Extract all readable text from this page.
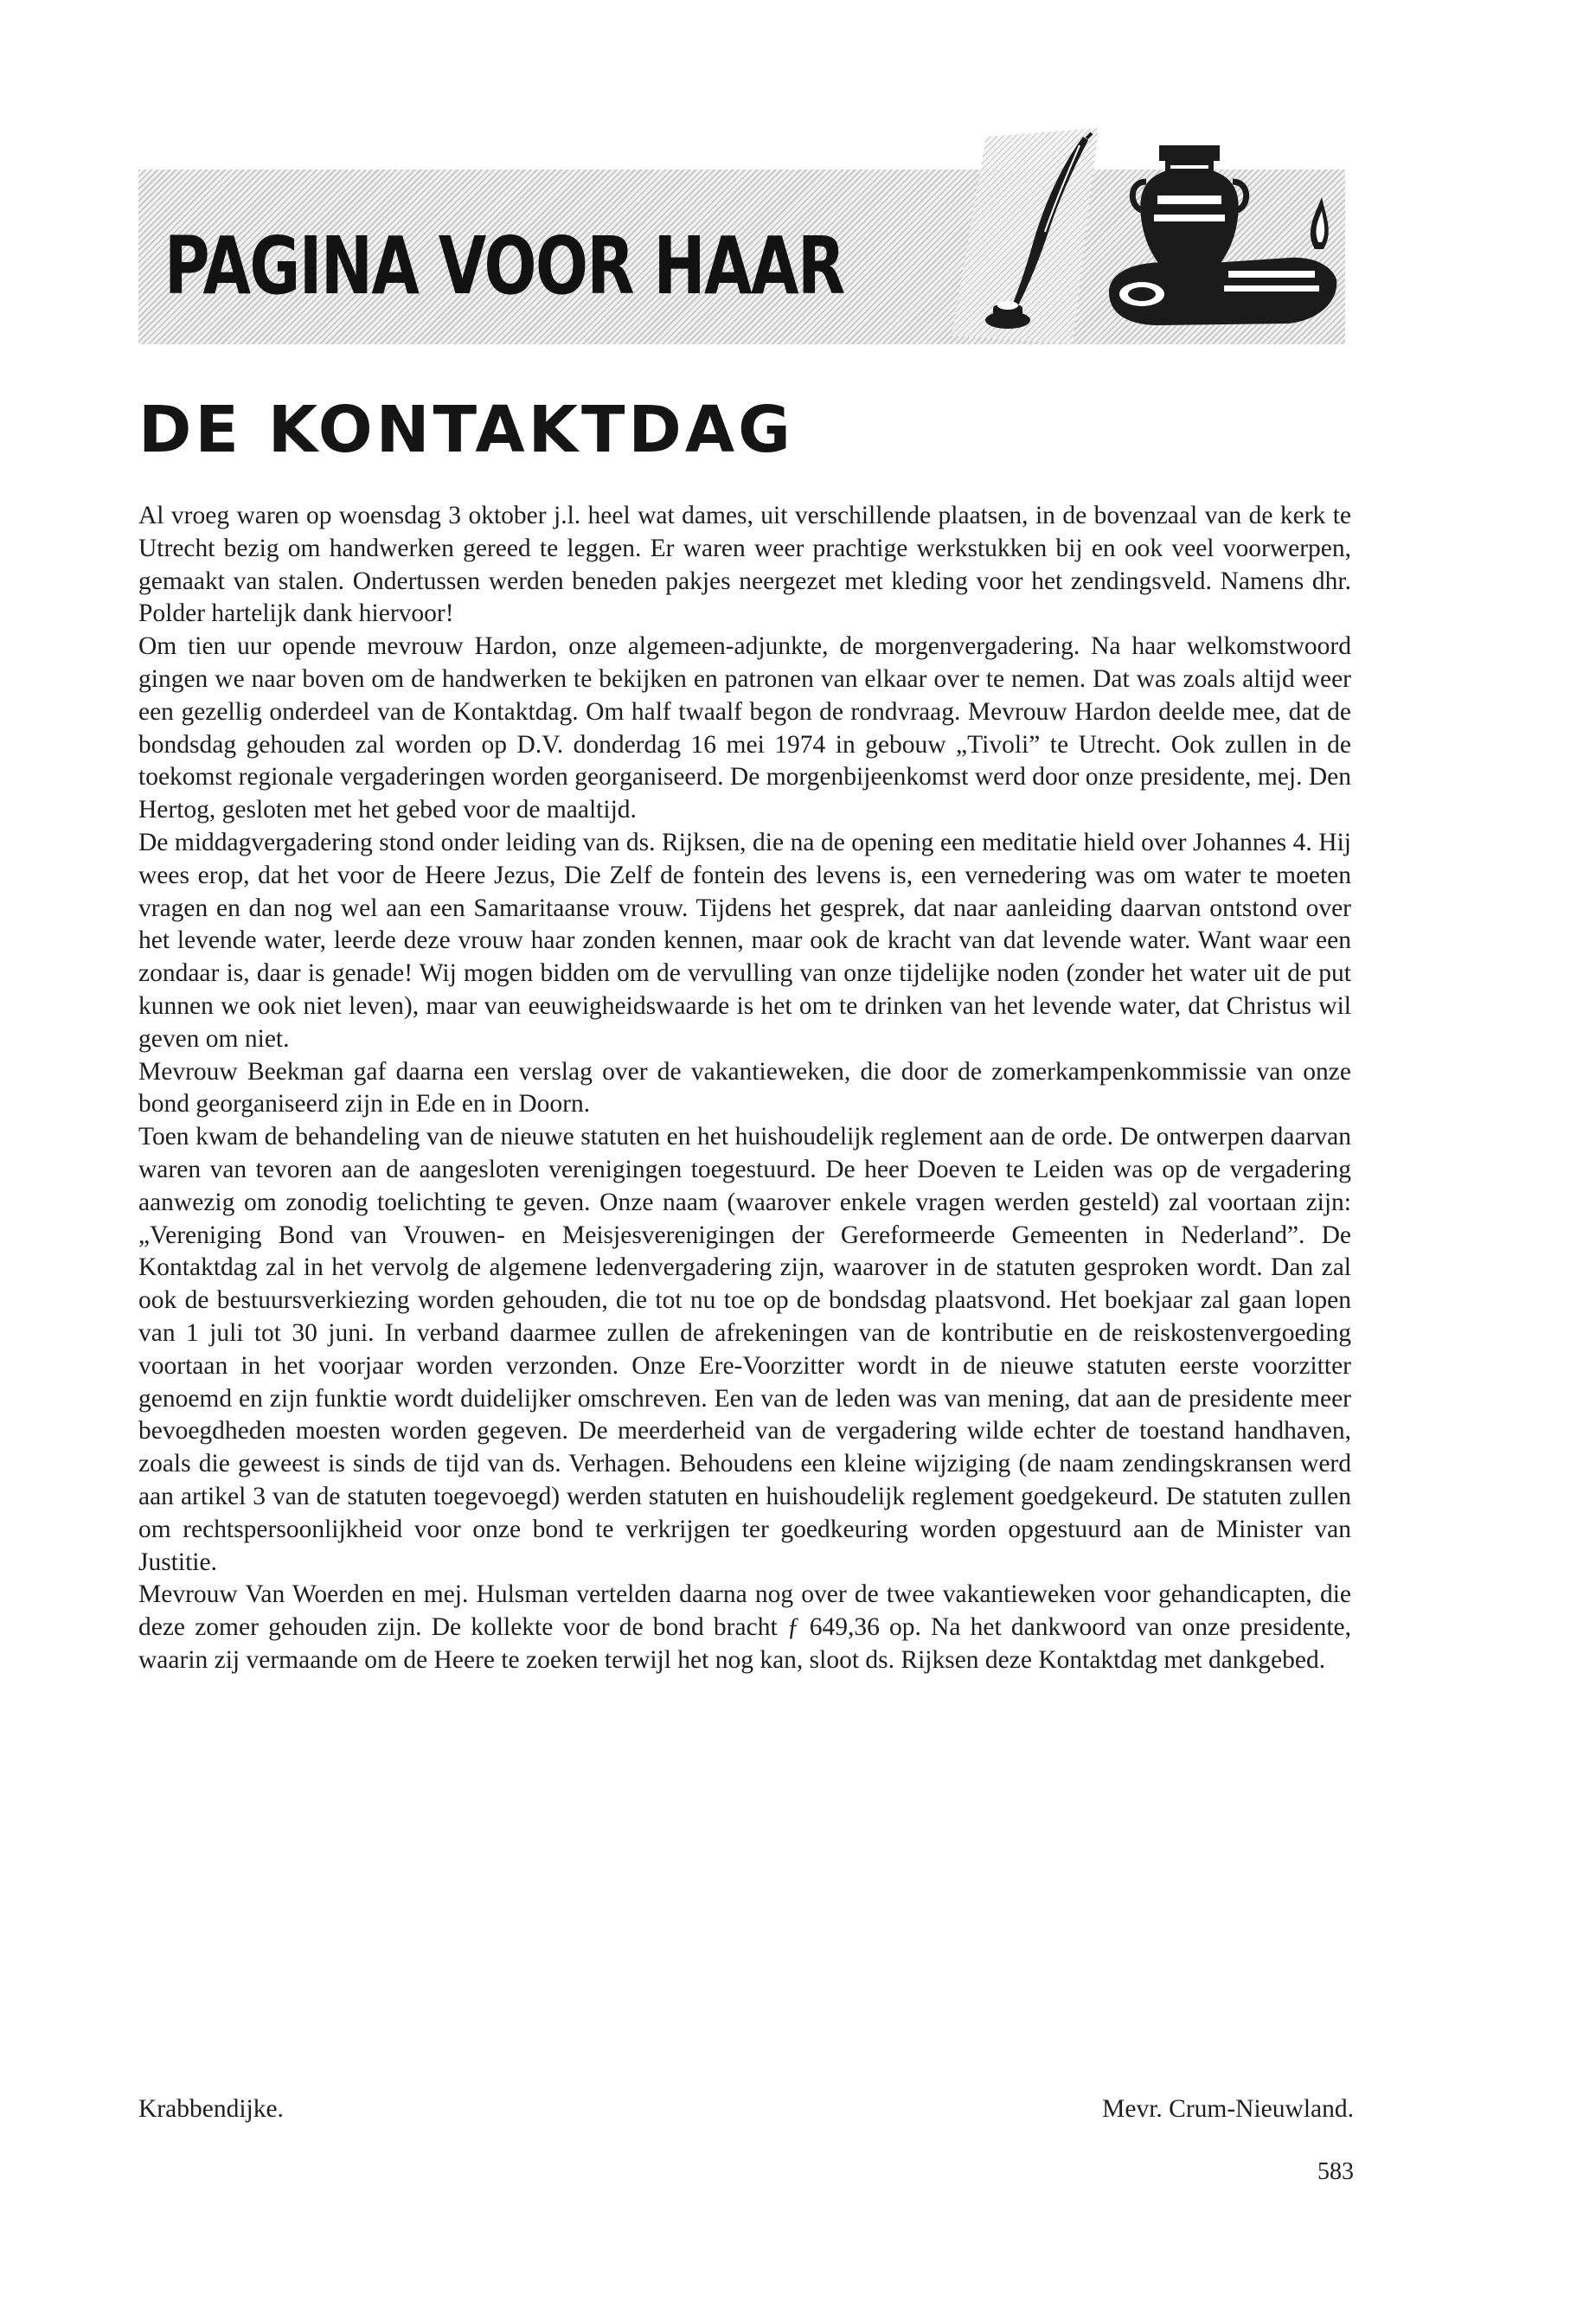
PAGINA VOOR HAAR
DE KONTAKTDAG

Al vroeg waren op woensdag 3 oktober j.l. heel wat dames, uit verschillende plaatsen, in de bovenzaal van de kerk te Utrecht bezig om handwerken gereed te leggen. Er waren weer prachtige werkstukken bij en ook veel voorwerpen, gemaakt van stalen. Ondertussen werden beneden pakjes neergezet met kleding voor het zendingsveld. Namens dhr. Polder hartelijk dank hiervoor!

Om tien uur opende mevrouw Hardon, onze algemeen-adjunkte, de morgenvergadering. Na haar welkomstwoord gingen we naar boven om de handwerken te bekijken en patronen van elkaar over te nemen. Dat was zoals altijd weer een gezellig onderdeel van de Kontaktdag. Om half twaalf begon de rondvraag. Mevrouw Hardon deelde mee, dat de bondsdag gehouden zal worden op D.V. donderdag 16 mei 1974 in gebouw „Tivoli” te Utrecht. Ook zullen in de toekomst regionale vergaderingen worden georganiseerd. De morgenbijeenkomst werd door onze presidente, mej. Den Hertog, gesloten met het gebed voor de maaltijd.

De middagvergadering stond onder leiding van ds. Rijksen, die na de opening een meditatie hield over Johannes 4. Hij wees erop, dat het voor de Heere Jezus, Die Zelf de fontein des levens is, een vernedering was om water te moeten vragen en dan nog wel aan een Samaritaanse vrouw. Tijdens het gesprek, dat naar aanleiding daarvan ontstond over het levende water, leerde deze vrouw haar zonden kennen, maar ook de kracht van dat levende water. Want waar een zondaar is, daar is genade! Wij mogen bidden om de vervulling van onze tijdelijke noden (zonder het water uit de put kunnen we ook niet leven), maar van eeuwigheidswaarde is het om te drinken van het levende water, dat Christus wil geven om niet.

Mevrouw Beekman gaf daarna een verslag over de vakantieweken, die door de zomerkampenkommissie van onze bond georganiseerd zijn in Ede en in Doorn.

Toen kwam de behandeling van de nieuwe statuten en het huishoudelijk reglement aan de orde. De ontwerpen daarvan waren van tevoren aan de aangesloten verenigingen toegestuurd. De heer Doeven te Leiden was op de vergadering aanwezig om zonodig toelichting te geven. Onze naam (waarover enkele vragen werden gesteld) zal voortaan zijn: „Vereniging Bond van Vrouwen- en Meisjesverenigingen der Gereformeerde Gemeenten in Nederland”. De Kontaktdag zal in het vervolg de algemene ledenvergadering zijn, waarover in de statuten gesproken wordt. Dan zal ook de bestuursverkiezing worden gehouden, die tot nu toe op de bondsdag plaatsvond. Het boekjaar zal gaan lopen van 1 juli tot 30 juni. In verband daarmee zullen de afrekeningen van de kontributie en de reiskostenvergoeding voortaan in het voorjaar worden verzonden. Onze Ere-Voorzitter wordt in de nieuwe statuten eerste voorzitter genoemd en zijn funktie wordt duidelijker omschreven. Een van de leden was van mening, dat aan de presidente meer bevoegdheden moesten worden gegeven. De meerderheid van de vergadering wilde echter de toestand handhaven, zoals die geweest is sinds de tijd van ds. Verhagen. Behoudens een kleine wijziging (de naam zendingskransen werd aan artikel 3 van de statuten toegevoegd) werden statuten en huishoudelijk reglement goedgekeurd. De statuten zullen om rechtspersoonlijkheid voor onze bond te verkrijgen ter goedkeuring worden opgestuurd aan de Minister van Justitie.

Mevrouw Van Woerden en mej. Hulsman vertelden daarna nog over de twee vakantieweken voor gehandicapten, die deze zomer gehouden zijn. De kollekte voor de bond bracht ƒ 649,36 op. Na het dankwoord van onze presidente, waarin zij vermaande om de Heere te zoeken terwijl het nog kan, sloot ds. Rijksen deze Kontaktdag met dankgebed.

Krabbendijke.	Mevr. Crum-Nieuwland.
583
